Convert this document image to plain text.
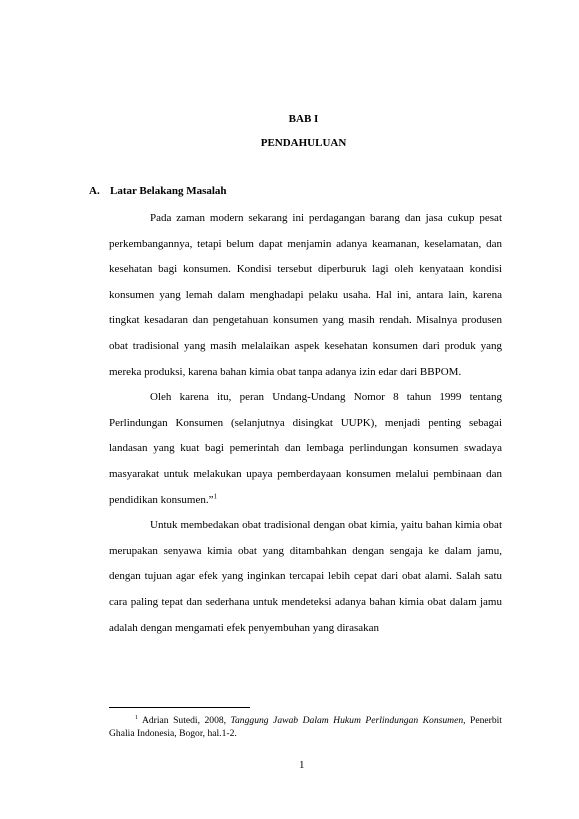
BAB I
PENDAHULUAN
A. Latar Belakang Masalah

Pada zaman modern sekarang ini perdagangan barang dan jasa cukup pesat perkembangannya, tetapi belum dapat menjamin adanya keamanan, keselamatan, dan kesehatan bagi konsumen. Kondisi tersebut diperburuk lagi oleh kenyataan kondisi konsumen yang lemah dalam menghadapi pelaku usaha. Hal ini, antara lain, karena tingkat kesadaran dan pengetahuan konsumen yang masih rendah. Misalnya produsen obat tradisional yang masih melalaikan aspek kesehatan konsumen dari produk yang mereka produksi, karena bahan kimia obat tanpa adanya izin edar dari BBPOM.

Oleh karena itu, peran Undang-Undang Nomor 8 tahun 1999 tentang Perlindungan Konsumen (selanjutnya disingkat UUPK), menjadi penting sebagai landasan yang kuat bagi pemerintah dan lembaga perlindungan konsumen swadaya masyarakat untuk melakukan upaya pemberdayaan konsumen melalui pembinaan dan pendidikan konsumen.”$^1$

Untuk membedakan obat tradisional dengan obat kimia, yaitu bahan kimia obat merupakan senyawa kimia obat yang ditambahkan dengan sengaja ke dalam jamu, dengan tujuan agar efek yang inginkan tercapai lebih cepat dari obat alami. Salah satu cara paling tepat dan sederhana untuk mendeteksi adanya bahan kimia obat dalam jamu adalah dengan mengamati efek penyembuhan yang dirasakan

$^1$ Adrian Sutedi, 2008, Tanggung Jawab Dalam Hukum Perlindungan Konsumen, Penerbit Ghalia Indonesia, Bogor, hal.1-2.
1
